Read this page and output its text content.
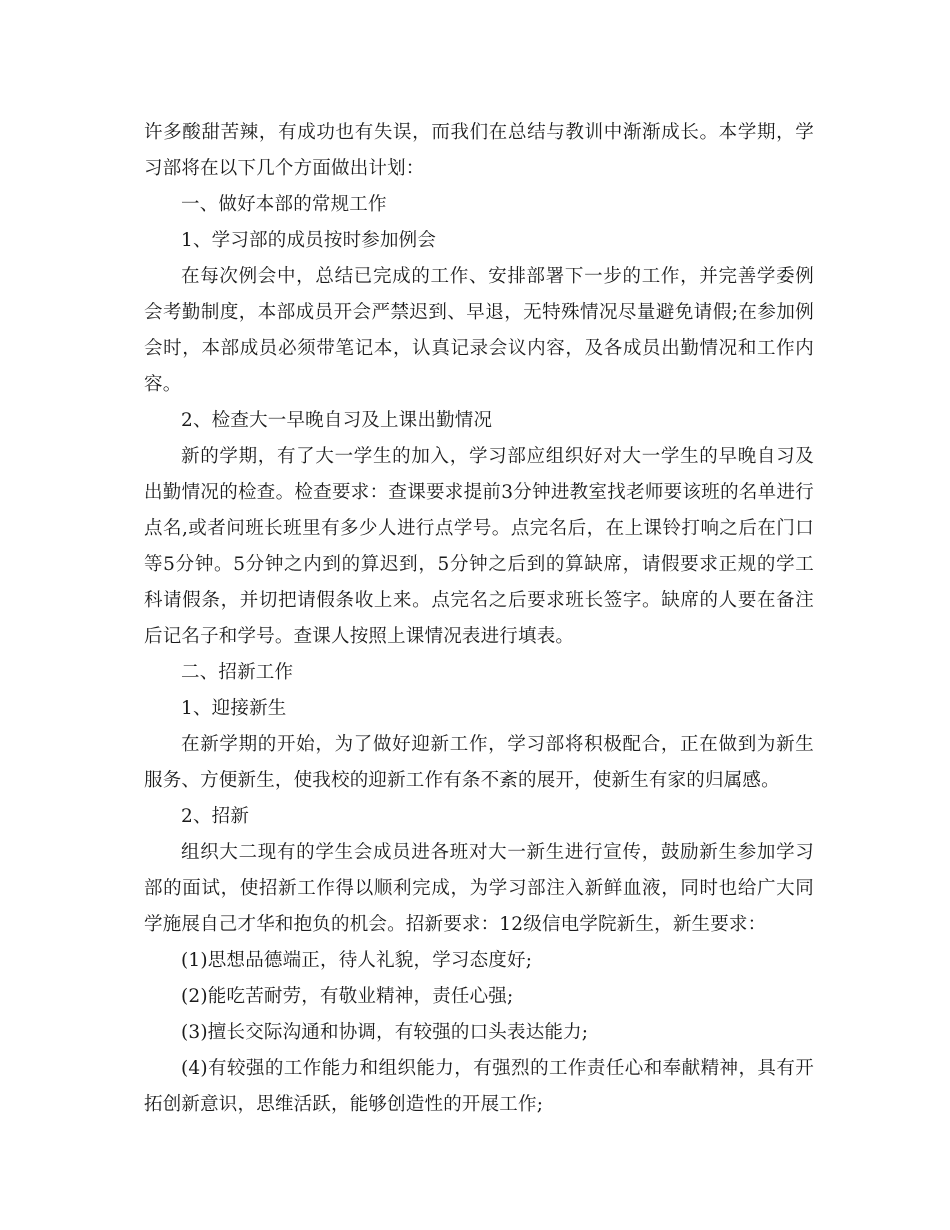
许多酸甜苦辣，有成功也有失误，而我们在总结与教训中渐渐成长。本学期，学习部将在以下几个方面做出计划：

一、做好本部的常规工作

1、学习部的成员按时参加例会

在每次例会中，总结已完成的工作、安排部署下一步的工作，并完善学委例会考勤制度，本部成员开会严禁迟到、早退，无特殊情况尽量避免请假;在参加例会时，本部成员必须带笔记本，认真记录会议内容，及各成员出勤情况和工作内容。

2、检查大一早晚自习及上课出勤情况

新的学期，有了大一学生的加入，学习部应组织好对大一学生的早晚自习及出勤情况的检查。检查要求：查课要求提前3分钟进教室找老师要该班的名单进行点名,或者问班长班里有多少人进行点学号。点完名后，在上课铃打响之后在门口等5分钟。5分钟之内到的算迟到，5分钟之后到的算缺席，请假要求正规的学工科请假条，并切把请假条收上来。点完名之后要求班长签字。缺席的人要在备注后记名子和学号。查课人按照上课情况表进行填表。

二、招新工作

1、迎接新生

在新学期的开始，为了做好迎新工作，学习部将积极配合，正在做到为新生服务、方便新生，使我校的迎新工作有条不紊的展开，使新生有家的归属感。

2、招新

组织大二现有的学生会成员进各班对大一新生进行宣传，鼓励新生参加学习部的面试，使招新工作得以顺利完成，为学习部注入新鲜血液，同时也给广大同学施展自己才华和抱负的机会。招新要求：12级信电学院新生，新生要求：

(1)思想品德端正，待人礼貌，学习态度好;

(2)能吃苦耐劳，有敬业精神，责任心强;

(3)擅长交际沟通和协调，有较强的口头表达能力;

(4)有较强的工作能力和组织能力，有强烈的工作责任心和奉献精神，具有开拓创新意识，思维活跃，能够创造性的开展工作;
